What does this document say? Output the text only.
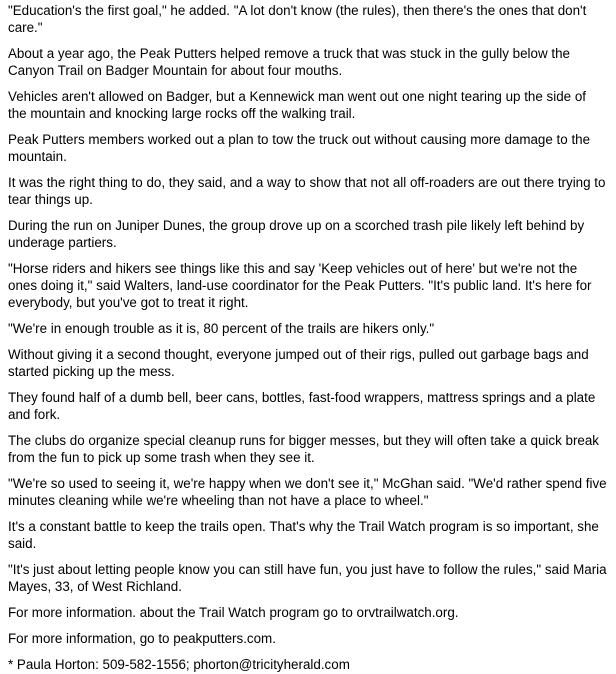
"Education's the first goal," he added. "A lot don't know (the rules), then there's the ones that don't care."

About a year ago, the Peak Putters helped remove a truck that was stuck in the gully below the Canyon Trail on Badger Mountain for about four mouths.

Vehicles aren't allowed on Badger, but a Kennewick man went out one night tearing up the side of the mountain and knocking large rocks off the walking trail.

Peak Putters members worked out a plan to tow the truck out without causing more damage to the mountain.

It was the right thing to do, they said, and a way to show that not all off-roaders are out there trying to tear things up.

During the run on Juniper Dunes, the group drove up on a scorched trash pile likely left behind by underage partiers.

"Horse riders and hikers see things like this and say 'Keep vehicles out of here' but we're not the ones doing it," said Walters, land-use coordinator for the Peak Putters. "It's public land. It's here for everybody, but you've got to treat it right.

"We're in enough trouble as it is, 80 percent of the trails are hikers only."

Without giving it a second thought, everyone jumped out of their rigs, pulled out garbage bags and started picking up the mess.

They found half of a dumb bell, beer cans, bottles, fast-food wrappers, mattress springs and a plate and fork.

The clubs do organize special cleanup runs for bigger messes, but they will often take a quick break from the fun to pick up some trash when they see it.

"We're so used to seeing it, we're happy when we don't see it," McGhan said. "We'd rather spend five minutes cleaning while we're wheeling than not have a place to wheel."

It's a constant battle to keep the trails open. That's why the Trail Watch program is so important, she said.

"It's just about letting people know you can still have fun, you just have to follow the rules," said Maria Mayes, 33, of West Richland.

For more information. about the Trail Watch program go to orvtrailwatch.org.

For more information, go to peakputters.com.

* Paula Horton: 509-582-1556; phorton@tricityherald.com
